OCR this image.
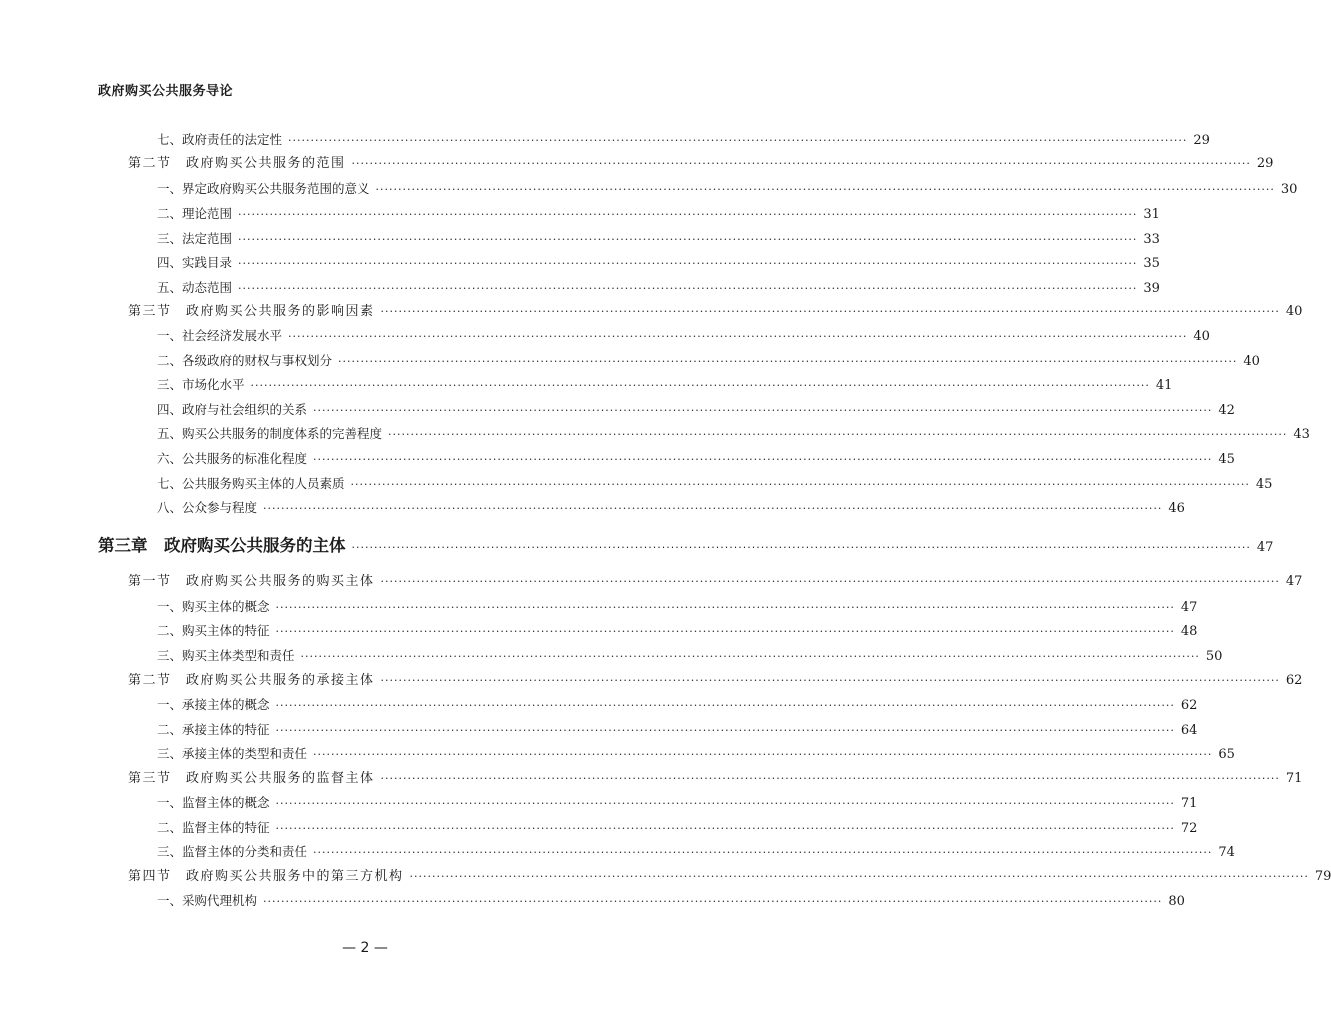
政府购买公共服务导论
七、政府责任的法定性 ········································································································································································································ 29
第二节　政府购买公共服务的范围 ········································································································································································································ 29
一、界定政府购买公共服务范围的意义 ········································································································································································································ 30
二、理论范围 ········································································································································································································ 31
三、法定范围 ········································································································································································································ 33
四、实践目录 ········································································································································································································ 35
五、动态范围 ········································································································································································································ 39
第三节　政府购买公共服务的影响因素 ········································································································································································································ 40
一、社会经济发展水平 ········································································································································································································ 40
二、各级政府的财权与事权划分 ········································································································································································································ 40
三、市场化水平 ········································································································································································································ 41
四、政府与社会组织的关系 ········································································································································································································ 42
五、购买公共服务的制度体系的完善程度 ········································································································································································································ 43
六、公共服务的标准化程度 ········································································································································································································ 45
七、公共服务购买主体的人员素质 ········································································································································································································ 45
八、公众参与程度 ········································································································································································································ 46
第三章　政府购买公共服务的主体 ········································································································································································································ 47
第一节　政府购买公共服务的购买主体 ········································································································································································································ 47
一、购买主体的概念 ········································································································································································································ 47
二、购买主体的特征 ········································································································································································································ 48
三、购买主体类型和责任 ········································································································································································································ 50
第二节　政府购买公共服务的承接主体 ········································································································································································································ 62
一、承接主体的概念 ········································································································································································································ 62
二、承接主体的特征 ········································································································································································································ 64
三、承接主体的类型和责任 ········································································································································································································ 65
第三节　政府购买公共服务的监督主体 ········································································································································································································ 71
一、监督主体的概念 ········································································································································································································ 71
二、监督主体的特征 ········································································································································································································ 72
三、监督主体的分类和责任 ········································································································································································································ 74
第四节　政府购买公共服务中的第三方机构 ········································································································································································································ 79
一、采购代理机构 ········································································································································································································ 80
— 2 —
